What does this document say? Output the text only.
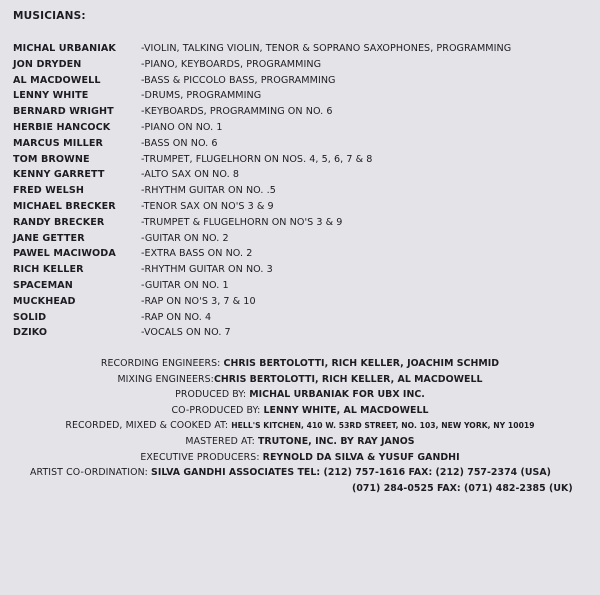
MUSICIANS:
MICHAL URBANIAK	-VIOLIN, TALKING VIOLIN, TENOR & SOPRANO SAXOPHONES, PROGRAMMING
JON DRYDEN	-PIANO, KEYBOARDS, PROGRAMMING
AL MACDOWELL	-BASS & PICCOLO BASS, PROGRAMMING
LENNY WHITE	-DRUMS, PROGRAMMING
BERNARD WRIGHT	-KEYBOARDS, PROGRAMMING ON NO. 6
HERBIE HANCOCK	-PIANO ON NO. 1
MARCUS MILLER	-BASS ON NO. 6
TOM BROWNE	-TRUMPET, FLUGELHORN ON NOS. 4, 5, 6, 7 & 8
KENNY GARRETT	-ALTO SAX ON NO. 8
FRED WELSH	-RHYTHM GUITAR ON NO. .5
MICHAEL BRECKER	-TENOR SAX ON NO'S 3 & 9
RANDY BRECKER	-TRUMPET & FLUGELHORN ON NO'S 3 & 9
JANE GETTER	-GUITAR ON NO. 2
PAWEL MACIWODA	-EXTRA BASS ON NO. 2
RICH KELLER	-RHYTHM GUITAR ON NO. 3
SPACEMAN	-GUITAR ON NO. 1
MUCKHEAD	-RAP ON NO'S 3, 7 & 10
SOLID	-RAP ON NO. 4
DZIKO	-VOCALS ON NO. 7
RECORDING ENGINEERS: CHRIS BERTOLOTTI, RICH KELLER, JOACHIM SCHMID
MIXING ENGINEERS:CHRIS BERTOLOTTI, RICH KELLER, AL MACDOWELL
PRODUCED BY: MICHAL URBANIAK FOR UBX INC.
CO-PRODUCED BY: LENNY WHITE, AL MACDOWELL
RECORDED, MIXED & COOKED AT: HELL'S KITCHEN, 410 W. 53RD STREET, NO. 103, NEW YORK, NY 10019
MASTERED AT: TRUTONE, INC. BY RAY JANOS
EXECUTIVE PRODUCERS: REYNOLD DA SILVA & YUSUF GANDHI
ARTIST CO-ORDINATION: SILVA GANDHI ASSOCIATES TEL: (212) 757-1616 FAX: (212) 757-2374 (USA)
(071) 284-0525 FAX: (071) 482-2385 (UK)
